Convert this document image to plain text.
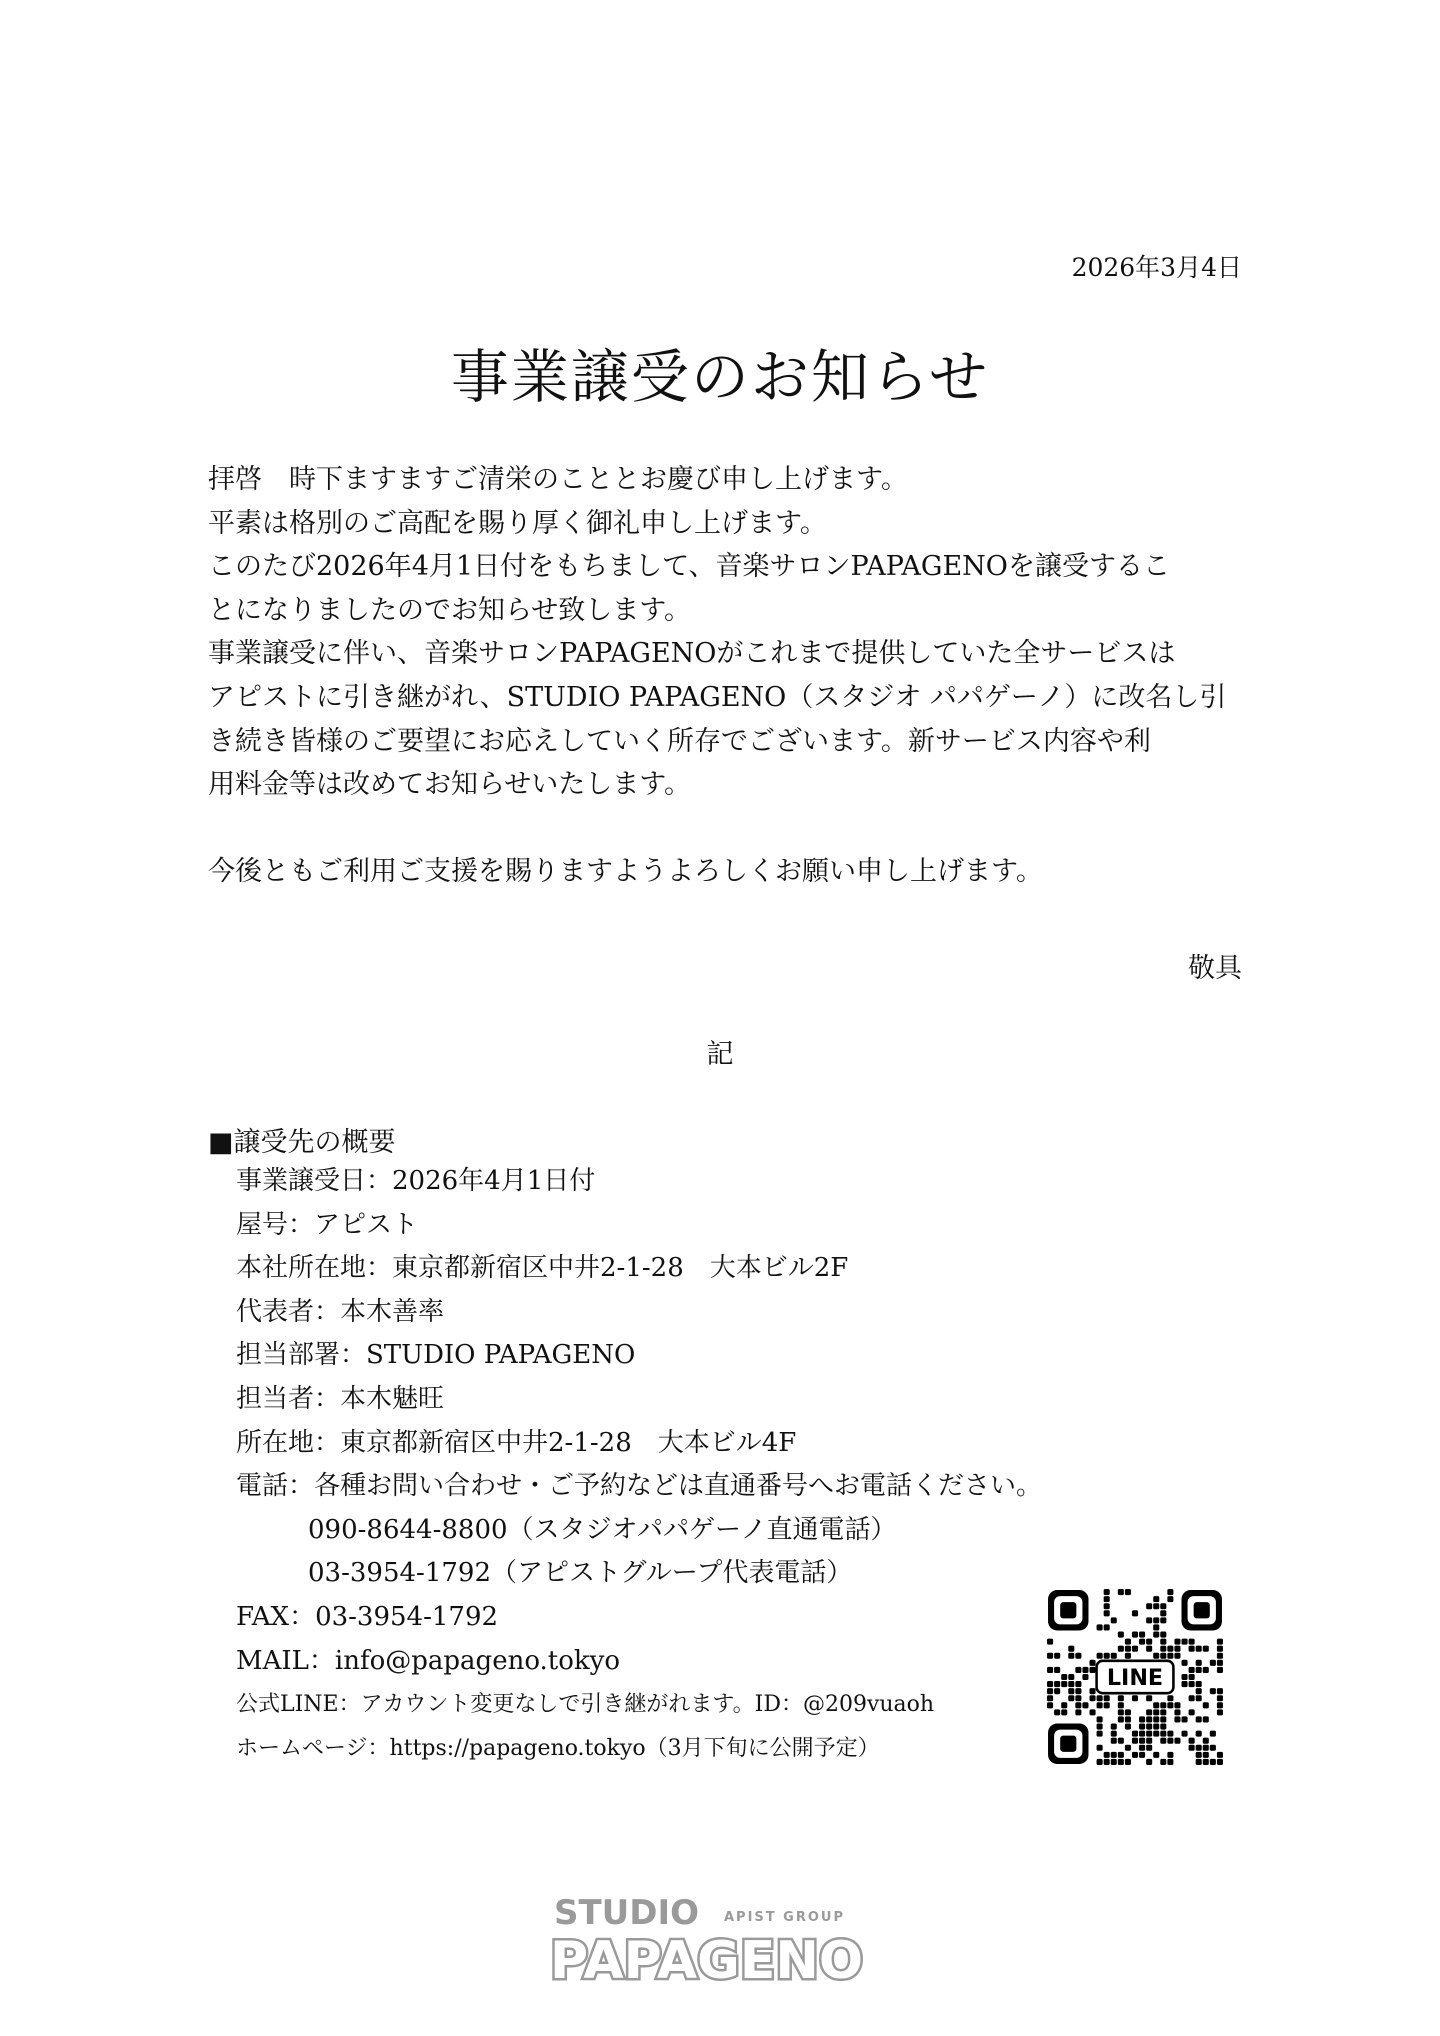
2026年3月4日
事業譲受のお知らせ

拝啓　時下ますますご清栄のこととお慶び申し上げます。

平素は格別のご高配を賜り厚く御礼申し上げます。

このたび2026年4月1日付をもちまして、音楽サロンPAPAGENOを譲受するこ

とになりましたのでお知らせ致します。

事業譲受に伴い、音楽サロンPAPAGENOがこれまで提供していた全サービスは

アピストに引き継がれ、STUDIO PAPAGENO（スタジオ パパゲーノ）に改名し引

き続き皆様のご要望にお応えしていく所存でございます。新サービス内容や利

用料金等は改めてお知らせいたします。

今後ともご利用ご支援を賜りますようよろしくお願い申し上げます。

敬具
記
■譲受先の概要
事業譲受日：2026年4月1日付
屋号：アピスト
本社所在地：東京都新宿区中井2-1-28　大本ビル2F
代表者：本木善率
担当部署：STUDIO PAPAGENO
担当者：本木魅旺
所在地：東京都新宿区中井2-1-28　大本ビル4F
電話：各種お問い合わせ・ご予約などは直通番号へお電話ください。
090-8644-8800（スタジオパパゲーノ直通電話）
03-3954-1792（アピストグループ代表電話）
FAX：03-3954-1792
MAIL：info@papageno.tokyo
公式LINE：アカウント変更なしで引き継がれます。ID：@209vuaoh
ホームページ：https://papageno.tokyo（3月下旬に公開予定）
LINE
STUDIO APIST GROUP
PAPAGENO
